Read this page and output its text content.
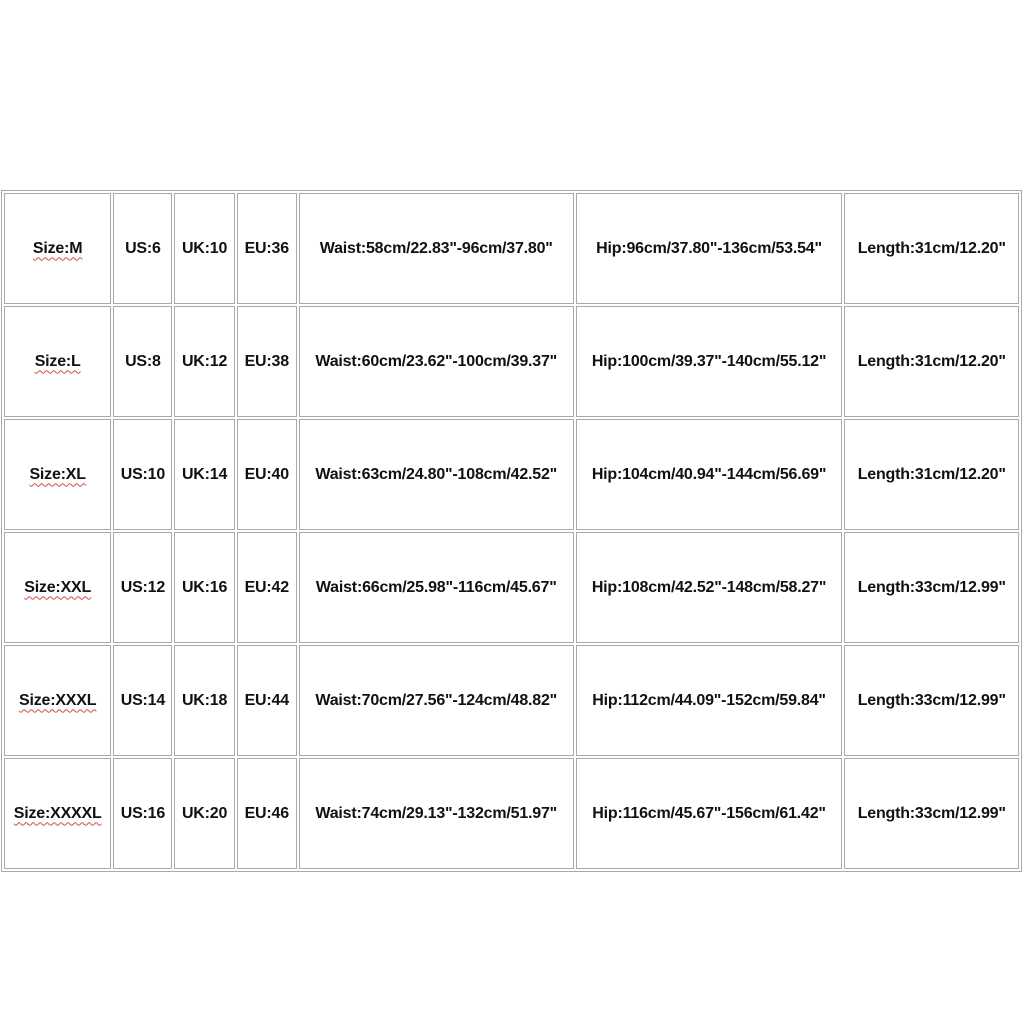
Size:M	US:6	UK:10	EU:36	Waist:58cm/22.83"-96cm/37.80"	Hip:96cm/37.80"-136cm/53.54"	Length:31cm/12.20"
Size:L	US:8	UK:12	EU:38	Waist:60cm/23.62"-100cm/39.37"	Hip:100cm/39.37"-140cm/55.12"	Length:31cm/12.20"
Size:XL	US:10	UK:14	EU:40	Waist:63cm/24.80"-108cm/42.52"	Hip:104cm/40.94"-144cm/56.69"	Length:31cm/12.20"
Size:XXL	US:12	UK:16	EU:42	Waist:66cm/25.98"-116cm/45.67"	Hip:108cm/42.52"-148cm/58.27"	Length:33cm/12.99"
Size:XXXL	US:14	UK:18	EU:44	Waist:70cm/27.56"-124cm/48.82"	Hip:112cm/44.09"-152cm/59.84"	Length:33cm/12.99"
Size:XXXXL	US:16	UK:20	EU:46	Waist:74cm/29.13"-132cm/51.97"	Hip:116cm/45.67"-156cm/61.42"	Length:33cm/12.99"
